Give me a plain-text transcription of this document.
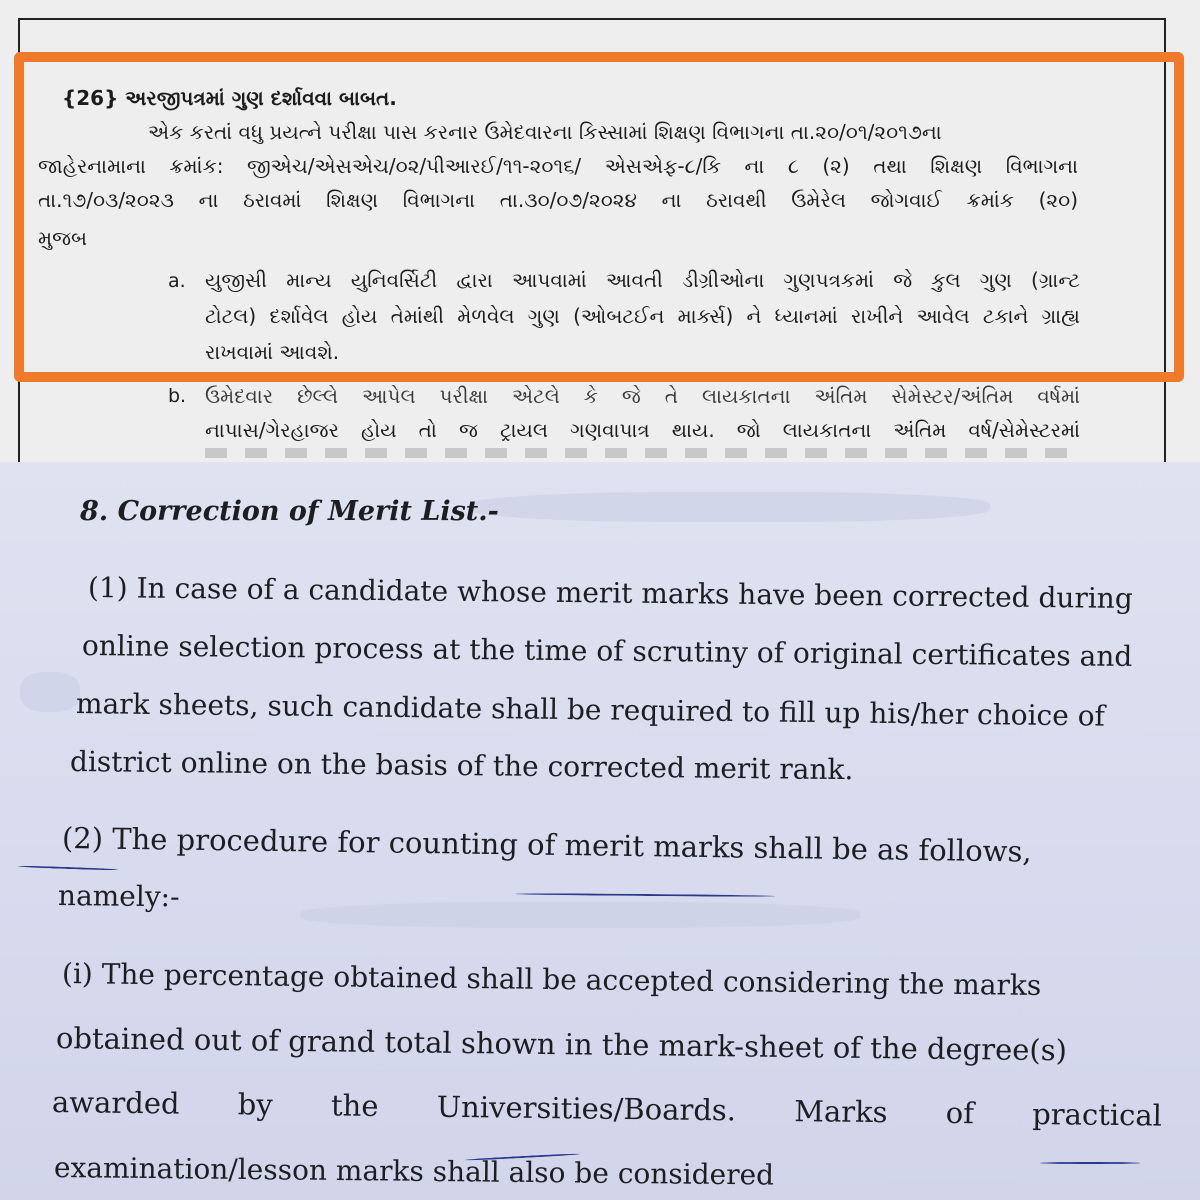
{26} અરજીપત્રમાં ગુણ દર્શાવવા બાબત.
એક કરતાં વધુ પ્રયત્ને પરીક્ષા પાસ કરનાર ઉમેદવારના કિસ્સામાં શિક્ષણ વિભાગના તા.૨૦/૦૧/૨૦૧૭ના
જાહેરનામાના ક્રમાંક: જીએચ/એસએચ/૦૨/પીઆરઈ/૧૧-૨૦૧૬/ એસએફ-૮/કિ ના ૮ (૨) તથા શિક્ષણ વિભાગના
તા.૧૭/૦૩/૨૦૨૩ ના ઠરાવમાં શિક્ષણ વિભાગના તા.૩૦/૦૭/૨૦૨૪ ના ઠરાવથી ઉમેરેલ જોગવાઈ ક્રમાંક (૨૦)
મુજબ
a. યુજીસી માન્ય યુનિવર્સિટી દ્વારા આપવામાં આવતી ડીગ્રીઓના ગુણપત્રકમાં જે કુલ ગુણ (ગ્રાન્ટ
ટોટલ) દર્શાવેલ હોય તેમાંથી મેળવેલ ગુણ (ઓબટઈન માર્ક્સ) ને ધ્યાનમાં રાખીને આવેલ ટકાને ગ્રાહ્ય
રાખવામાં આવશે.
b. ઉમેદવાર છેલ્લે આપેલ પરીક્ષા એટલે કે જે તે લાયકાતના અંતિમ સેમેસ્ટર/અંતિમ વર્ષમાં
નાપાસ/ગેરહાજર હોય તો જ ટ્રાયલ ગણવાપાત્ર થાય. જો લાયકાતના અંતિમ વર્ષ/સેમેસ્ટરમાં
8. Correction of Merit List.-
(1) In case of a candidate whose merit marks have been corrected during
online selection process at the time of scrutiny of original certificates and
mark sheets, such candidate shall be required to fill up his/her choice of
district online on the basis of the corrected merit rank.
(2) The procedure for counting of merit marks shall be as follows,
namely:-
(i) The percentage obtained shall be accepted considering the marks
obtained out of grand total shown in the mark-sheet of the degree(s)
awarded by the Universities/Boards. Marks of practical
examination/lesson marks shall also be considered
